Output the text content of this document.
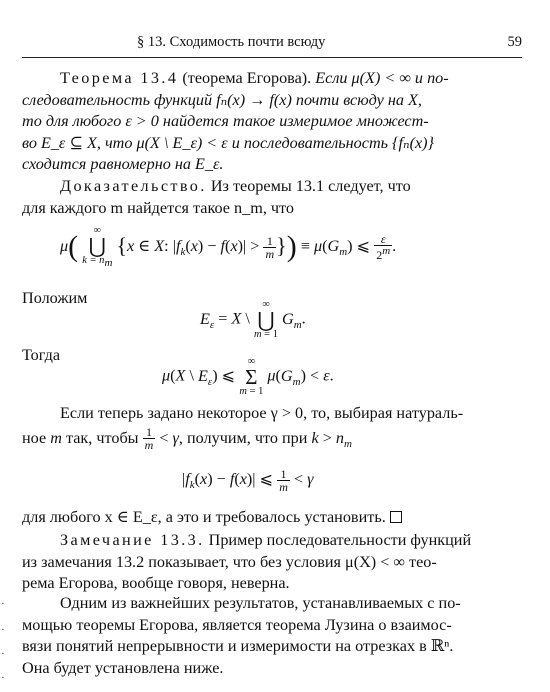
§ 13. Сходимость почти всюду	59
Теорема 13.4 (теорема Егорова). Если μ(X) < ∞ и по-
следовательность функций fₙ(x) → f(x) почти всюду на X,
то для любого ε > 0 найдется такое измеримое множест-
во E_ε ⊆ X, что μ(X \ E_ε) < ε и последовательность {fₙ(x)}
сходится равномерно на E_ε.
Доказательство. Из теоремы 13.1 следует, что
для каждого m найдется такое n_m, что
μ(	∞
⋃
$k = n_m$
{x ∈ X: $|f_k(x) - f(x)| > \frac{1}{m}$ }) ≡ $\mu(G_m)$ ⩽ $\frac{\varepsilon}{2^m}$ .
Положим
$E_\varepsilon = X$ \
∞
⋃
m = 1
$G_m$.
Тогда
μ(X \ $E_\varepsilon$) ⩽
∞
Σ
m = 1
$\mu(G_m) < \varepsilon$.
Если теперь задано некоторое γ > 0, то, выбирая натураль-
ное m так, чтобы $\frac{1}{m} < \gamma$, получим, что при $k > n_m$
$|f_k(x) - f(x)|$ ⩽ $\frac{1}{m} < \gamma$
для любого x ∈ E_ε, а это и требовалось установить.
Замечание 13.3. Пример последовательности функций
из замечания 13.2 показывает, что без условия μ(X) < ∞ тео-
рема Егорова, вообще говоря, неверна.
Одним из важнейших результатов, устанавливаемых с по-
мощью теоремы Егорова, является теорема Лузина о взаимос-
вязи понятий непрерывности и измеримости на отрезках в ℝⁿ.
Она будет установлена ниже.
·
·
·
·
